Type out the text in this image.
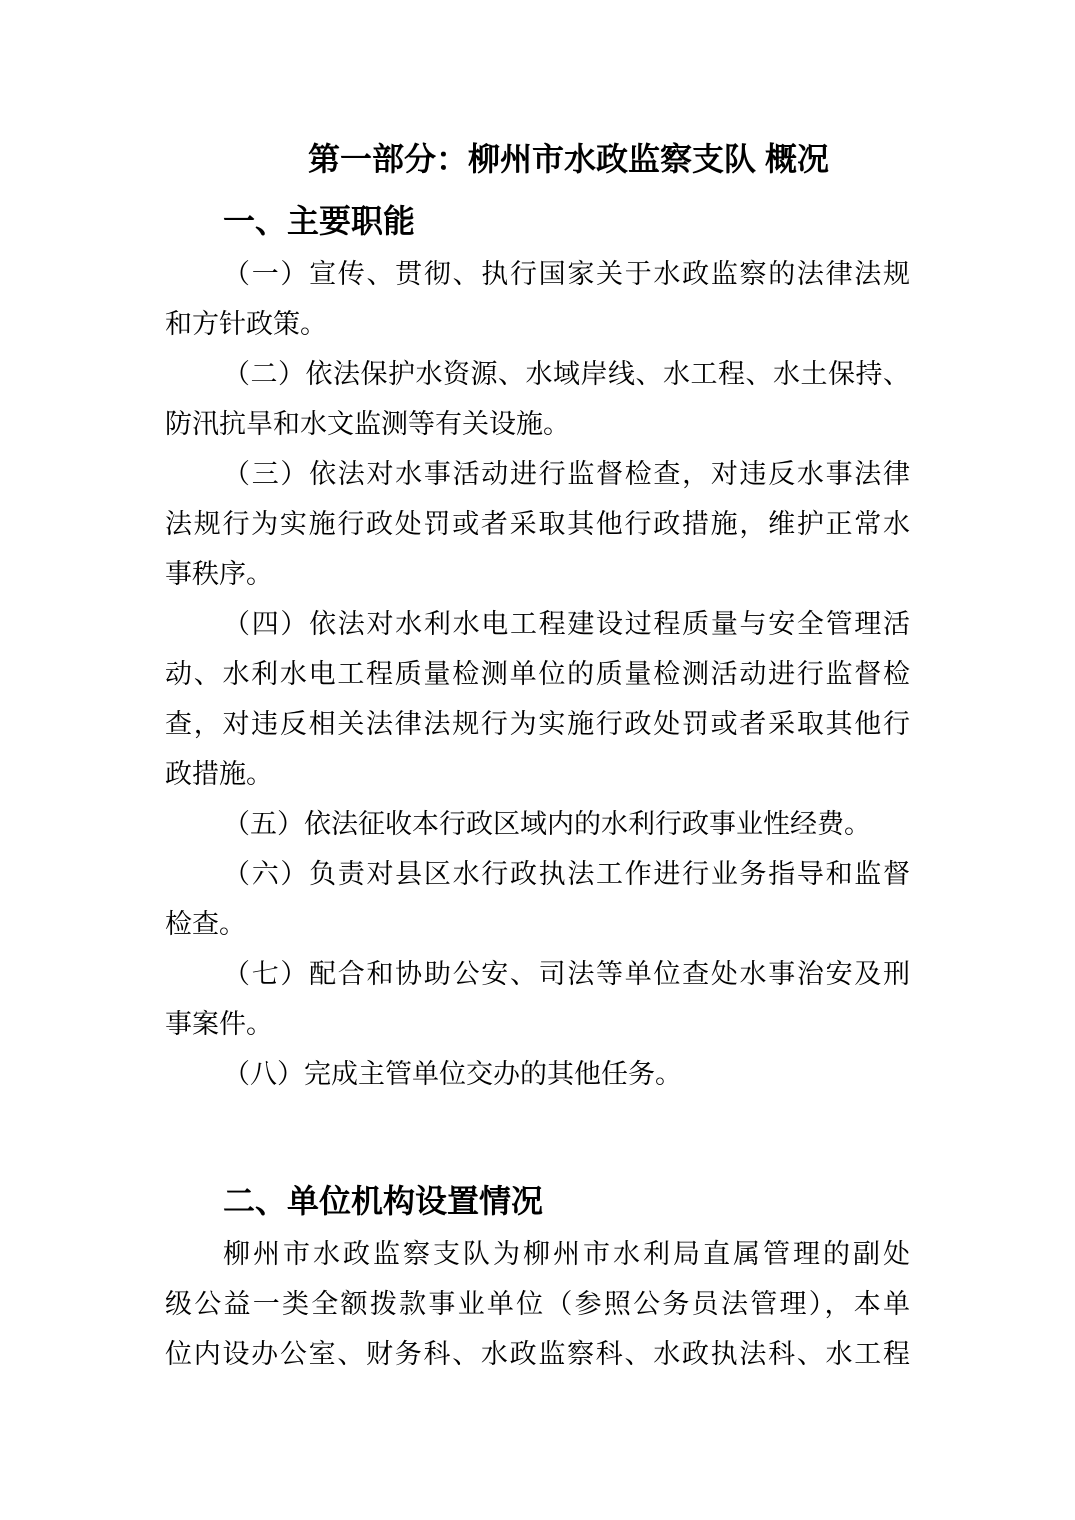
第一部分：柳州市水政监察支队 概况
一、主要职能
（一）宣传、贯彻、执行国家关于水政监察的法律法规
和方针政策。
（二）依法保护水资源、水域岸线、水工程、水土保持、
防汛抗旱和水文监测等有关设施。
（三）依法对水事活动进行监督检查，对违反水事法律
法规行为实施行政处罚或者采取其他行政措施，维护正常水
事秩序。
（四）依法对水利水电工程建设过程质量与安全管理活
动、水利水电工程质量检测单位的质量检测活动进行监督检
查，对违反相关法律法规行为实施行政处罚或者采取其他行
政措施。
（五）依法征收本行政区域内的水利行政事业性经费。
（六）负责对县区水行政执法工作进行业务指导和监督
检查。
（七）配合和协助公安、司法等单位查处水事治安及刑
事案件。
（八）完成主管单位交办的其他任务。
二、单位机构设置情况
柳州市水政监察支队为柳州市水利局直属管理的副处
级公益一类全额拨款事业单位（参照公务员法管理），本单
位内设办公室、财务科、水政监察科、水政执法科、水工程
